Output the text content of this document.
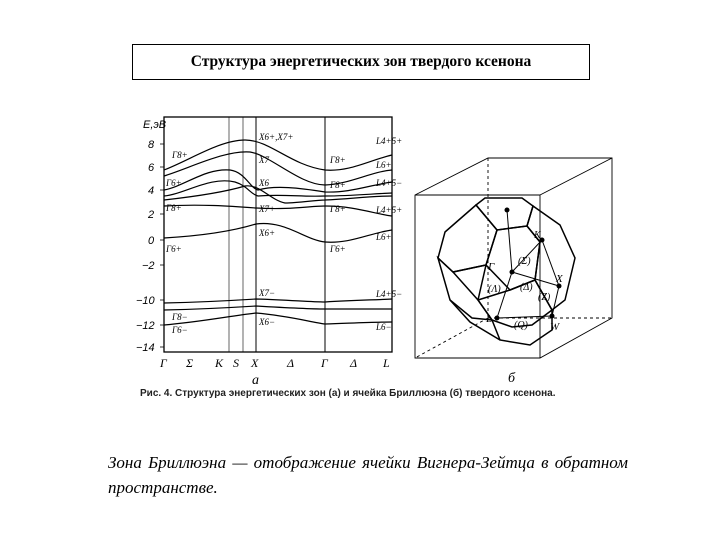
Структура энергетических зон твердого ксенона
E,эВ
8
6
4
2
0
−2
−10
−12
−14
Г Σ K S X Δ Г Δ L
а
Г8+
Г6+
Г8+
Г6+
Г8−
Г6−
X6+,X7+
X7
X6
X7+
X6+
X7−
X6−
Г8+
Г8+
Г8+
Г6+
L4+5+
L6+
L4+5−
L4+5+
L6+
L4+5−
L6−
K
(Σ)
Г
X
(Λ) (Δ)
(Z)
L
(Q) W
б
Рис. 4. Структура энергетических зон (а) и ячейка Бриллюэна (б) твердого ксенона.
Зона Бриллюэна — отображение ячейки Вигнера-Зейтца в обратном пространстве.
